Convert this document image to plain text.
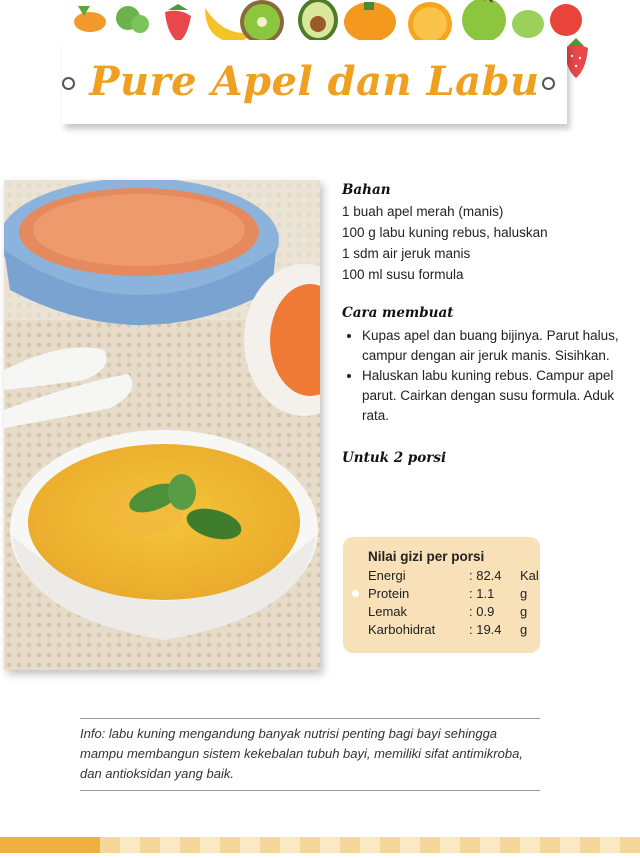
Pure Apel dan Labu

Bahan

1 buah apel merah (manis)
100 g labu kuning rebus, haluskan
1 sdm air jeruk manis
100 ml susu formula

Cara membuat

• Kupas apel dan buang bijinya. Parut halus, campur dengan air jeruk manis. Sisihkan.
• Haluskan labu kuning rebus. Campur apel parut. Cairkan dengan susu formula. Aduk rata.

Untuk 2 porsi

Nilai gizi per porsi
Energi	: 82.4 Kal
Protein	: 1.1 g
Lemak	: 0.9 g
Karbohidrat	: 19.4 g
Info: labu kuning mengandung banyak nutrisi penting bagi bayi sehingga mampu membangun sistem kekebalan tubuh bayi, memiliki sifat antimikroba, dan antioksidan yang baik.
